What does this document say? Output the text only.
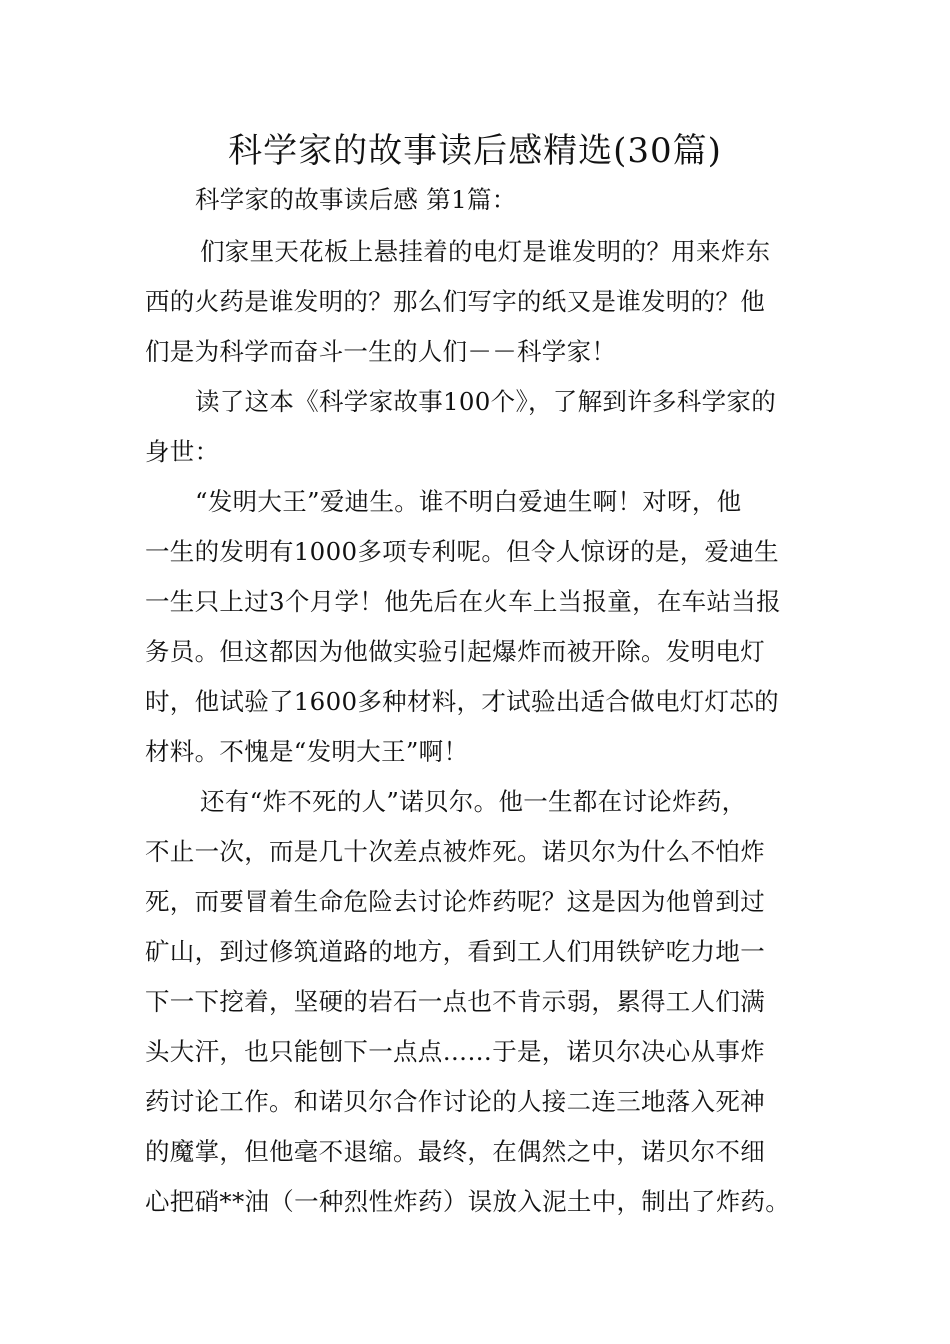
科学家的故事读后感精选(30篇)
科学家的故事读后感 第1篇：
们家里天花板上悬挂着的电灯是谁发明的？用来炸东
西的火药是谁发明的？那么们写字的纸又是谁发明的？他
们是为科学而奋斗一生的人们－－科学家！
读了这本《科学家故事100个》，了解到许多科学家的
身世：
“发明大王”爱迪生。谁不明白爱迪生啊！对呀，他
一生的发明有1000多项专利呢。但令人惊讶的是，爱迪生
一生只上过3个月学！他先后在火车上当报童，在车站当报
务员。但这都因为他做实验引起爆炸而被开除。发明电灯
时，他试验了1600多种材料，才试验出适合做电灯灯芯的
材料。不愧是“发明大王”啊！
还有“炸不死的人”诺贝尔。他一生都在讨论炸药，
不止一次，而是几十次差点被炸死。诺贝尔为什么不怕炸
死，而要冒着生命危险去讨论炸药呢？这是因为他曾到过
矿山，到过修筑道路的地方，看到工人们用铁铲吃力地一
下一下挖着，坚硬的岩石一点也不肯示弱，累得工人们满
头大汗，也只能刨下一点点……于是，诺贝尔决心从事炸
药讨论工作。和诺贝尔合作讨论的人接二连三地落入死神
的魔掌，但他毫不退缩。最终，在偶然之中，诺贝尔不细
心把硝**油（一种烈性炸药）误放入泥土中，制出了炸药。
